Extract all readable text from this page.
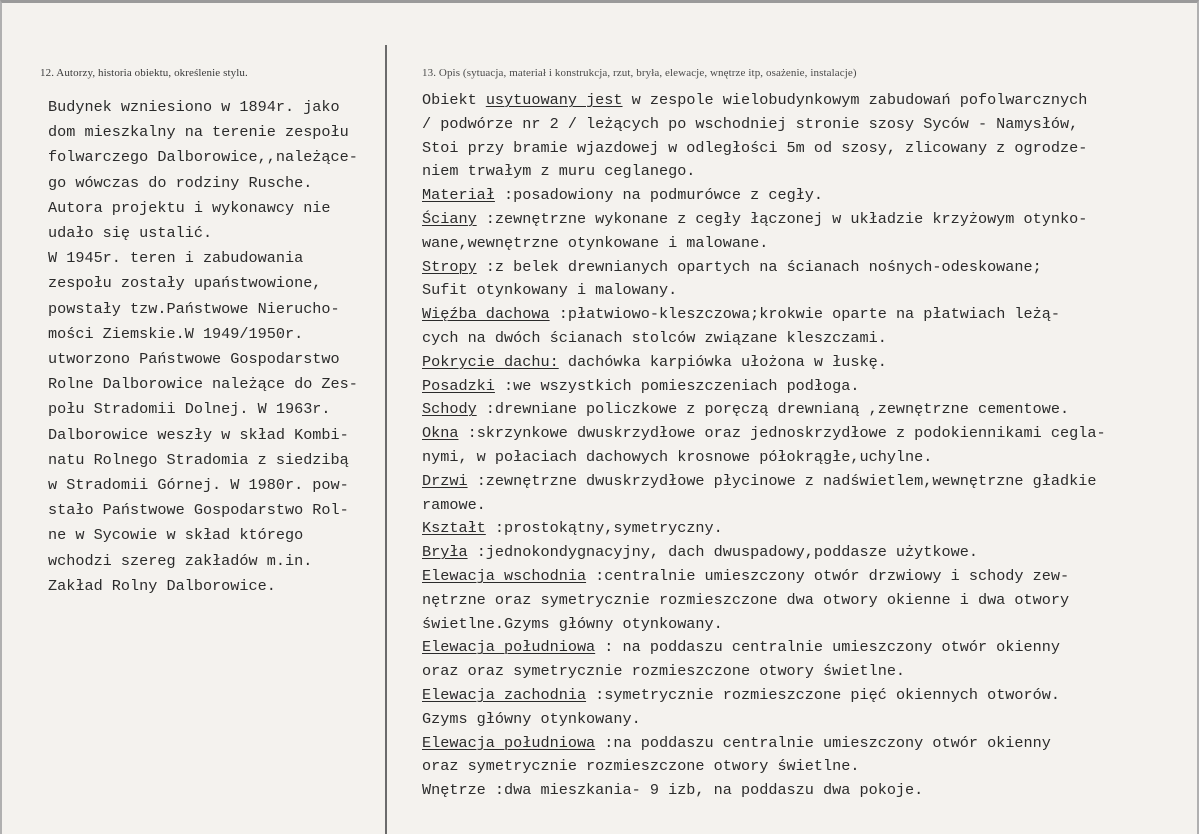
12. Autorzy, historia obiektu, określenie stylu.	13. Opis (sytuacja, materiał i konstrukcja, rzut, bryła, elewacje, wnętrze itp, osażenie, instalacje)
Budynek wzniesiono w 1894r. jako
dom mieszkalny na terenie zespołu
folwarczego Dalborowice,,należące-
go wówczas do rodziny Rusche.
Autora projektu i wykonawcy nie
udało się ustalić.
W 1945r. teren i zabudowania
zespołu zostały upaństwowione,
powstały tzw.Państwowe Nierucho-
mości Ziemskie.W 1949/1950r.
utworzono Państwowe Gospodarstwo
Rolne Dalborowice należące do Zes-
połu Stradomii Dolnej. W 1963r.
Dalborowice weszły w skład Kombi-
natu Rolnego Stradomia z siedzibą
w Stradomii Górnej. W 1980r. pow-
stało Państwowe Gospodarstwo Rol-
ne w Sycowie w skład którego
wchodzi szereg zakładów m.in.
Zakład Rolny Dalborowice.
Obiekt usytuowany jest w zespole wielobudynkowym zabudowań pofolwarcznych
/ podwórze nr 2 / leżących po wschodniej stronie szosy Syców - Namysłów,
Stoi przy bramie wjazdowej w odległości 5m od szosy, zlicowany z ogrodze-
niem trwałym z muru ceglanego.
Materiał :posadowiony na podmurówce z cegły.
Ściany :zewnętrzne wykonane z cegły łączonej w układzie krzyżowym otynko-
wane,wewnętrzne otynkowane i malowane.
Stropy :z belek drewnianych opartych na ścianach nośnych-odeskowane;
Sufit otynkowany i malowany.
Więźba dachowa :płatwiowo-kleszczowa;krokwie oparte na płatwiach leżą-
cych na dwóch ścianach stolców związane kleszczami.
Pokrycie dachu: dachówka karpiówka ułożona w łuskę.
Posadzki :we wszystkich pomieszczeniach podłoga.
Schody :drewniane policzkowe z poręczą drewnianą ,zewnętrzne cementowe.
Okna :skrzynkowe dwuskrzydłowe oraz jednoskrzydłowe z podokiennikami cegla-
nymi, w połaciach dachowych krosnowe półokrągłe,uchylne.
Drzwi :zewnętrzne dwuskrzydłowe płycinowe z nadświetlem,wewnętrzne gładkie
ramowe.
Kształt :prostokątny,symetryczny.
Bryła :jednokondygnacyjny, dach dwuspadowy,poddasze użytkowe.
Elewacja wschodnia :centralnie umieszczony otwór drzwiowy i schody zew-
nętrzne oraz symetrycznie rozmieszczone dwa otwory okienne i dwa otwory
świetlne.Gzyms główny otynkowany.
Elewacja południowa : na poddaszu centralnie umieszczony otwór okienny
oraz oraz symetrycznie rozmieszczone otwory świetlne.
Elewacja zachodnia :symetrycznie rozmieszczone pięć okiennych otworów.
Gzyms główny otynkowany.
Elewacja południowa :na poddaszu centralnie umieszczony otwór okienny
oraz symetrycznie rozmieszczone otwory świetlne.
Wnętrze :dwa mieszkania- 9 izb, na poddaszu dwa pokoje.
